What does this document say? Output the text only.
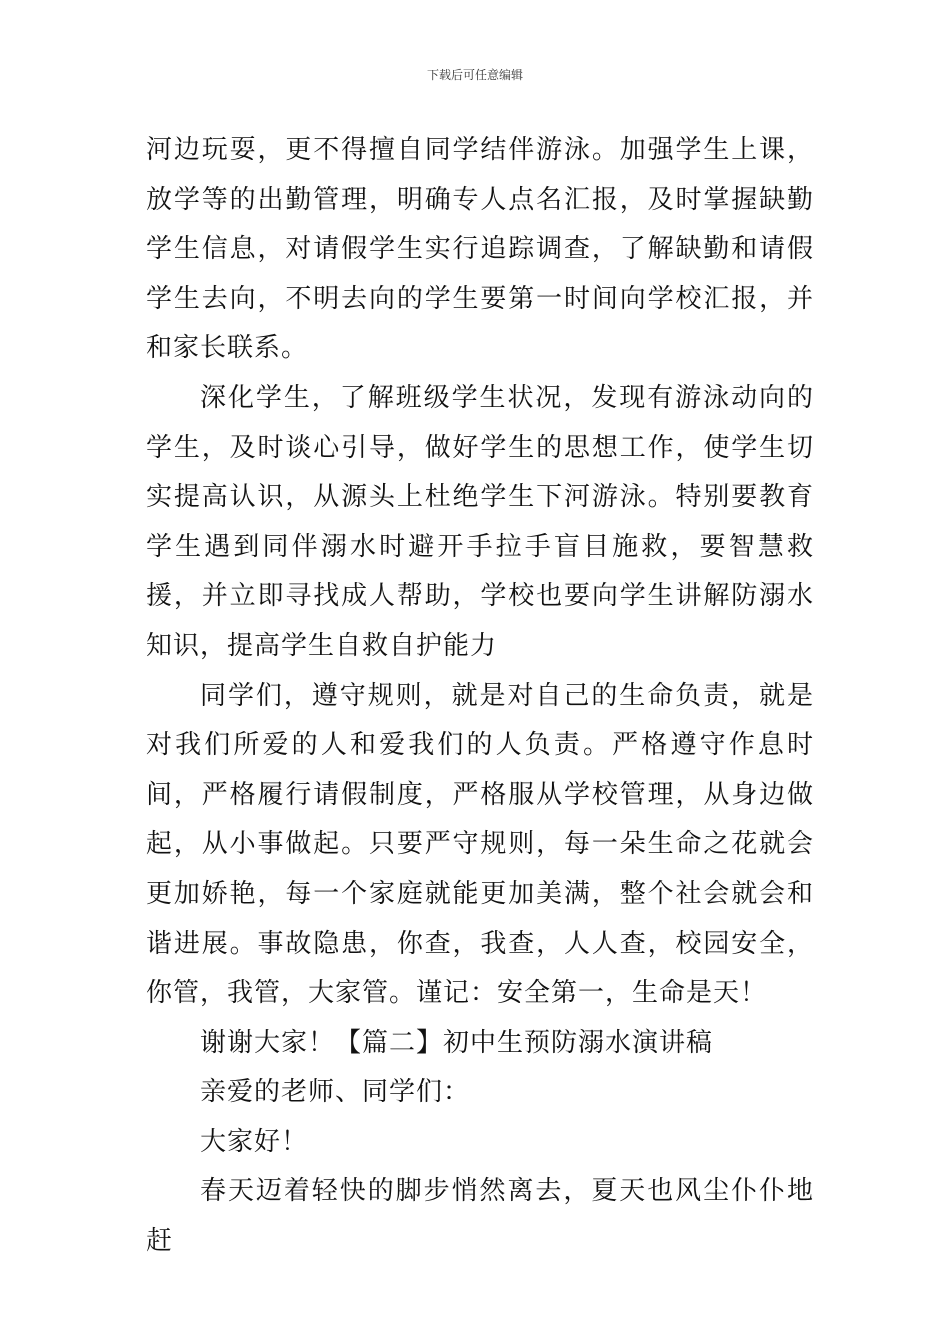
下载后可任意编辑

河边玩耍，更不得擅自同学结伴游泳。加强学生上课，放学等的出勤管理，明确专人点名汇报，及时掌握缺勤学生信息，对请假学生实行追踪调查，了解缺勤和请假学生去向，不明去向的学生要第一时间向学校汇报，并和家长联系。

深化学生，了解班级学生状况，发现有游泳动向的学生，及时谈心引导，做好学生的思想工作，使学生切实提高认识，从源头上杜绝学生下河游泳。特别要教育学生遇到同伴溺水时避开手拉手盲目施救，要智慧救援，并立即寻找成人帮助，学校也要向学生讲解防溺水知识，提高学生自救自护能力

同学们，遵守规则，就是对自己的生命负责，就是对我们所爱的人和爱我们的人负责。严格遵守作息时间，严格履行请假制度，严格服从学校管理，从身边做起，从小事做起。只要严守规则，每一朵生命之花就会更加娇艳，每一个家庭就能更加美满，整个社会就会和谐进展。事故隐患，你查，我查，人人查，校园安全，你管，我管，大家管。谨记：安全第一，生命是天！

谢谢大家！【篇二】初中生预防溺水演讲稿

亲爱的老师、同学们：

大家好！

春天迈着轻快的脚步悄然离去，夏天也风尘仆仆地赶
